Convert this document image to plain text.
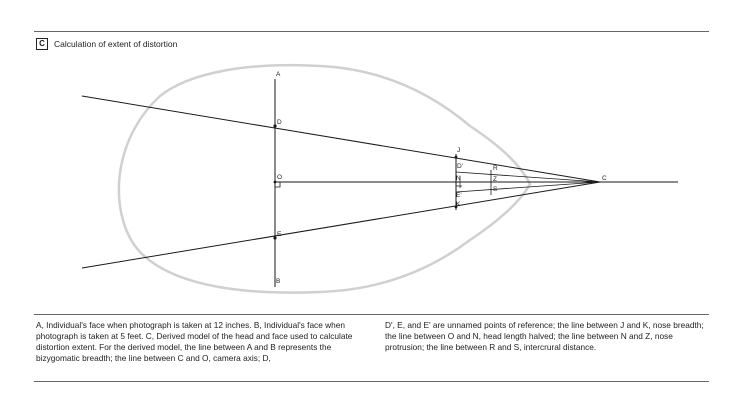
C	Calculation of extent of distortion
A
D
O
E
B
J
D'
N
E'
K
R
Z
S
C
A, Individual's face when photograph is taken at 12 inches. B, Individual's face when photograph is taken at 5 feet. C, Derived model of the head and face used to calculate distortion extent. For the derived model, the line between A and B represents the bizygomatic breadth; the line between C and O, camera axis; D,
D', E, and E' are unnamed points of reference; the line between J and K, nose breadth; the line between O and N, head length halved; the line between N and Z, nose protrusion; the line between R and S, intercrural distance.
